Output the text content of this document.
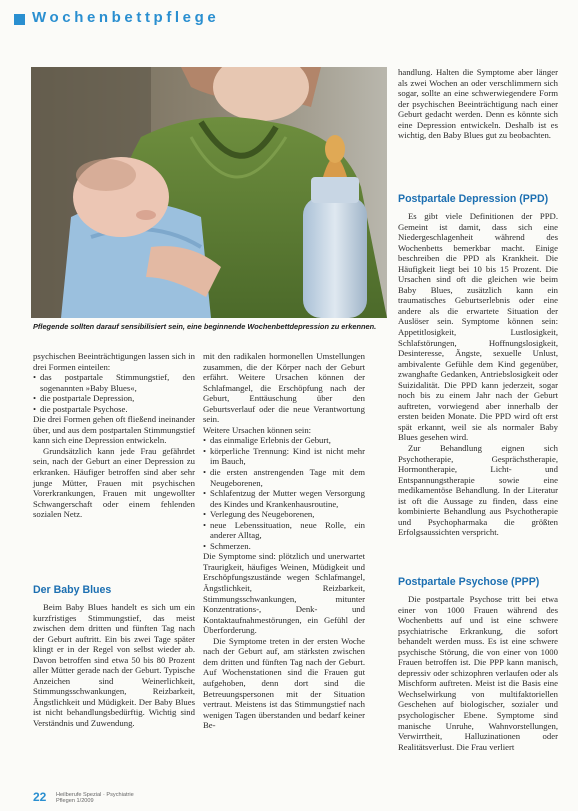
Wochenbettpflege
Pflegende sollten darauf sensibilisiert sein, eine beginnende Wochenbettdepression zu erkennen.

psychischen Beeinträchtigungen lassen sich in drei Formen einteilen:

• das postpartale Stimmungstief, den sogenannten »Baby Blues«,
• die postpartale Depression,
• die postpartale Psychose.

Die drei Formen gehen oft fließend ineinander über, und aus dem postpartalen Stimmungstief kann sich eine Depression entwickeln.

Grundsätzlich kann jede Frau gefährdet sein, nach der Geburt an einer Depression zu erkranken. Häufiger betroffen sind aber sehr junge Mütter, Frauen mit psychischen Vorerkrankungen, Frauen mit ungewollter Schwangerschaft oder einem fehlenden sozialen Netz.

Der Baby Blues

Beim Baby Blues handelt es sich um ein kurzfristiges Stimmungstief, das meist zwischen dem dritten und fünften Tag nach der Geburt auftritt. Ein bis zwei Tage später klingt er in der Regel von selbst wieder ab. Davon betroffen sind etwa 50 bis 80 Prozent aller Mütter gerade nach der Geburt. Typische Anzeichen sind Weinerlichkeit, Stimmungsschwankungen, Reizbarkeit, Ängstlichkeit und Müdigkeit. Der Baby Blues ist nicht behandlungsbedürftig. Wichtig sind Verständnis und Zuwendung.

mit den radikalen hormonellen Umstellungen zusammen, die der Körper nach der Geburt erfährt. Weitere Ursachen können der Schlafmangel, die Erschöpfung nach der Geburt, Enttäuschung über den Geburtsverlauf oder die neue Verantwortung sein.

Weitere Ursachen können sein:

• das einmalige Erlebnis der Geburt,
• körperliche Trennung: Kind ist nicht mehr im Bauch,
• die ersten anstrengenden Tage mit dem Neugeborenen,
• Schlafentzug der Mutter wegen Versorgung des Kindes und Krankenhausroutine,
• Verlegung des Neugeborenen,
• neue Lebenssituation, neue Rolle, ein anderer Alltag,
• Schmerzen.

Die Symptome sind: plötzlich und unerwartet Traurigkeit, häufiges Weinen, Müdigkeit und Erschöpfungszustände wegen Schlafmangel, Ängstlichkeit, Reizbarkeit, Stimmungsschwankungen, mitunter Konzentrations-, Denk- und Kontaktaufnahmestörungen, ein Gefühl der Überforderung.

Die Symptome treten in der ersten Woche nach der Geburt auf, am stärksten zwischen dem dritten und fünften Tag nach der Geburt. Auf Wochenstationen sind die Frauen gut aufgehoben, denn dort sind die Betreuungspersonen mit der Situation vertraut. Meistens ist das Stimmungstief nach wenigen Tagen überstanden und bedarf keiner Be-

handlung. Halten die Symptome aber länger als zwei Wochen an oder verschlimmern sich sogar, sollte an eine schwerwiegendere Form der psychischen Beeinträchtigung nach einer Geburt gedacht werden. Denn es könnte sich eine Depression entwickeln. Deshalb ist es wichtig, den Baby Blues gut zu beobachten.

Postpartale Depression (PPD)

Es gibt viele Definitionen der PPD. Gemeint ist damit, dass sich eine Niedergeschlagenheit während des Wochenbetts bemerkbar macht. Einige beschreiben die PPD als Krankheit. Die Häufigkeit liegt bei 10 bis 15 Prozent. Die Ursachen sind oft die gleichen wie beim Baby Blues, zusätzlich kann ein traumatisches Geburtserlebnis oder eine andere als die erwartete Situation der Auslöser sein. Symptome können sein: Appetitlosigkeit, Lustlosigkeit, Schlafstörungen, Hoffnungslosigkeit, Desinteresse, Ängste, sexuelle Unlust, ambivalente Gefühle dem Kind gegenüber, zwanghafte Gedanken, Antriebslosigkeit oder Suizidalität. Die PPD kann jederzeit, sogar noch bis zu einem Jahr nach der Geburt auftreten, vorwiegend aber innerhalb der ersten beiden Monate. Die PPD wird oft erst spät erkannt, weil sie als normaler Baby Blues gesehen wird.

Zur Behandlung eignen sich Psychotherapie, Gesprächstherapie, Hormontherapie, Licht- und Entspannungstherapie sowie eine medikamentöse Behandlung. In der Literatur ist oft die Aussage zu finden, dass eine kombinierte Behandlung aus Psychotherapie und Psychopharmaka die größten Erfolgsaussichten verspricht.

Postpartale Psychose (PPP)

Die postpartale Psychose tritt bei etwa einer von 1000 Frauen während des Wochenbetts auf und ist eine schwere psychiatrische Erkrankung, die sofort behandelt werden muss. Es ist eine schwere psychische Störung, die von einer von 1000 Frauen betroffen ist. Die PPP kann manisch, depressiv oder schizophren verlaufen oder als Mischform auftreten. Meist ist die Basis eine Wechselwirkung von multifaktoriellen Geschehen auf biologischer, sozialer und psychologischer Ebene. Symptome sind manische Unruhe, Wahnvorstellungen, Verwirrtheit, Halluzinationen oder Realitätsverlust. Die Frau verliert

22 Heilberufe Spezial · Psychiatrie
Pflegen 1/2009
